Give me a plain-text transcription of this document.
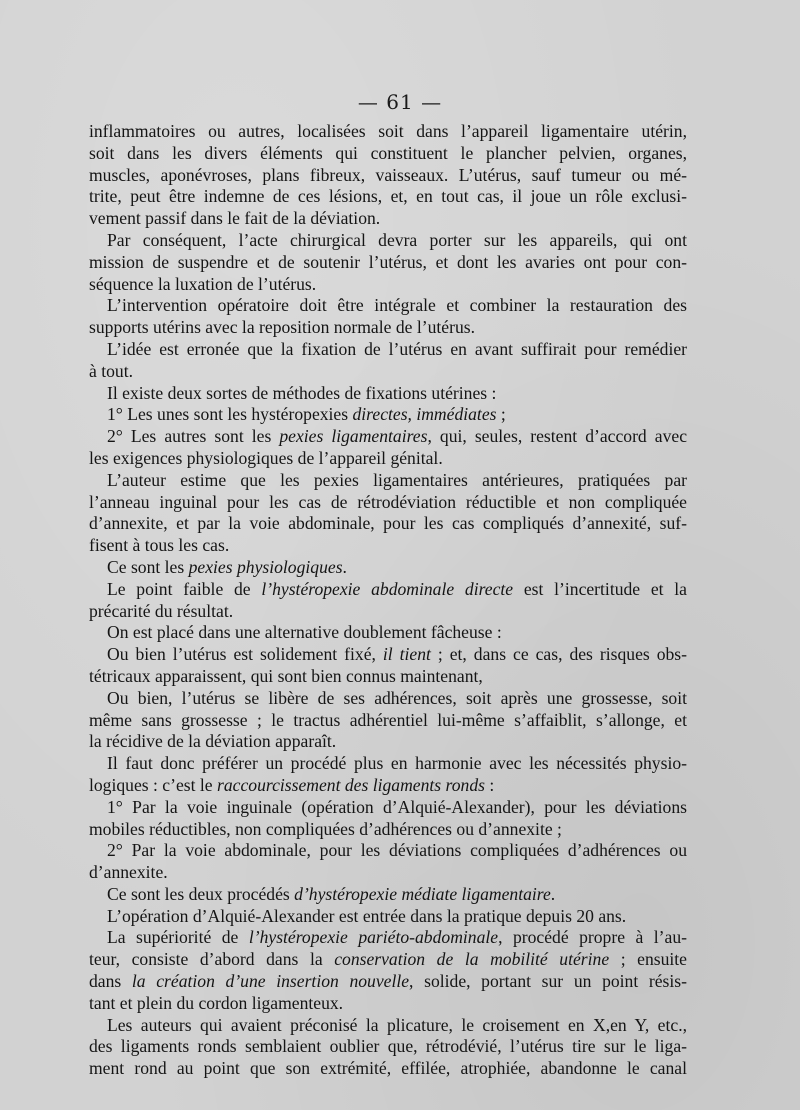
— 61 —
inflammatoires ou autres, localisées soit dans l’appareil ligamentaire utérin,
soit dans les divers éléments qui constituent le plancher pelvien, organes,
muscles, aponévroses, plans fibreux, vaisseaux. L’utérus, sauf tumeur ou mé-
trite, peut être indemne de ces lésions, et, en tout cas, il joue un rôle exclusi-
vement passif dans le fait de la déviation.
Par conséquent, l’acte chirurgical devra porter sur les appareils, qui ont
mission de suspendre et de soutenir l’utérus, et dont les avaries ont pour con-
séquence la luxation de l’utérus.
L’intervention opératoire doit être intégrale et combiner la restauration des
supports utérins avec la reposition normale de l’utérus.
L’idée est erronée que la fixation de l’utérus en avant suffirait pour remédier
à tout.
Il existe deux sortes de méthodes de fixations utérines :
1° Les unes sont les hystéropexies directes, immédiates ;
2° Les autres sont les pexies ligamentaires, qui, seules, restent d’accord avec
les exigences physiologiques de l’appareil génital.
L’auteur estime que les pexies ligamentaires antérieures, pratiquées par
l’anneau inguinal pour les cas de rétrodéviation réductible et non compliquée
d’annexite, et par la voie abdominale, pour les cas compliqués d’annexité, suf-
fisent à tous les cas.
Ce sont les pexies physiologiques.
Le point faible de l’hystéropexie abdominale directe est l’incertitude et la
précarité du résultat.
On est placé dans une alternative doublement fâcheuse :
Ou bien l’utérus est solidement fixé, il tient ; et, dans ce cas, des risques obs-
tétricaux apparaissent, qui sont bien connus maintenant,
Ou bien, l’utérus se libère de ses adhérences, soit après une grossesse, soit
même sans grossesse ; le tractus adhérentiel lui-même s’affaiblit, s’allonge, et
la récidive de la déviation apparaît.
Il faut donc préférer un procédé plus en harmonie avec les nécessités physio-
logiques : c’est le raccourcissement des ligaments ronds :
1° Par la voie inguinale (opération d’Alquié-Alexander), pour les déviations
mobiles réductibles, non compliquées d’adhérences ou d’annexite ;
2° Par la voie abdominale, pour les déviations compliquées d’adhérences ou
d’annexite.
Ce sont les deux procédés d’hystéropexie médiate ligamentaire.
L’opération d’Alquié-Alexander est entrée dans la pratique depuis 20 ans.
La supériorité de l’hystéropexie pariéto-abdominale, procédé propre à l’au-
teur, consiste d’abord dans la conservation de la mobilité utérine ; ensuite
dans la création d’une insertion nouvelle, solide, portant sur un point résis-
tant et plein du cordon ligamenteux.
Les auteurs qui avaient préconisé la plicature, le croisement en X,en Y, etc.,
des ligaments ronds semblaient oublier que, rétrodévié, l’utérus tire sur le liga-
ment rond au point que son extrémité, effilée, atrophiée, abandonne le canal
